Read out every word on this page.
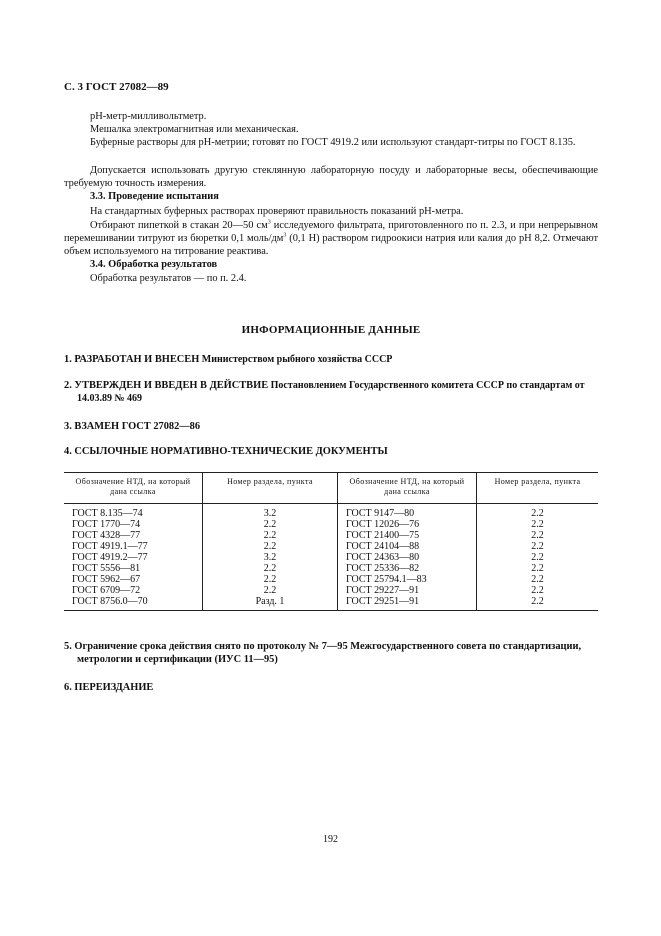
С. 3 ГОСТ 27082—89
рН-метр-милливольтметр.
Мешалка электромагнитная или механическая.
Буферные растворы для рН-метрии; готовят по ГОСТ 4919.2 или используют стандарт-титры по ГОСТ 8.135.
Допускается использовать другую стеклянную лабораторную посуду и лабораторные весы, обеспечивающие требуемую точность измерения.
3.3. Проведение испытания
На стандартных буферных растворах проверяют правильность показаний рН-метра.
Отбирают пипеткой в стакан 20—50 $см^3$ исследуемого фильтрата, приготовленного по п. 2.3, и при непрерывном перемешивании титруют из бюретки 0,1 моль/$дм^3$ (0,1 Н) раствором гидроокиси натрия или калия до рН 8,2. Отмечают объем используемого на титрование реактива.
3.4. Обработка результатов
Обработка результатов — по п. 2.4.
ИНФОРМАЦИОННЫЕ ДАННЫЕ
1. РАЗРАБОТАН И ВНЕСЕН Министерством рыбного хозяйства СССР
2. УТВЕРЖДЕН И ВВЕДЕН В ДЕЙСТВИЕ Постановлением Государственного комитета СССР по стандартам от 14.03.89 № 469
3. ВЗАМЕН ГОСТ 27082—86
4. ССЫЛОЧНЫЕ НОРМАТИВНО-ТЕХНИЧЕСКИЕ ДОКУМЕНТЫ
Обозначение НТД, на который дана ссылка	Номер раздела, пункта	Обозначение НТД, на который дана ссылка	Номер раздела, пункта
ГОСТ 8.135—74	3.2	ГОСТ 9147—80	2.2
ГОСТ 1770—74	2.2	ГОСТ 12026—76	2.2
ГОСТ 4328—77	2.2	ГОСТ 21400—75	2.2
ГОСТ 4919.1—77	2.2	ГОСТ 24104—88	2.2
ГОСТ 4919.2—77	3.2	ГОСТ 24363—80	2.2
ГОСТ 5556—81	2.2	ГОСТ 25336—82	2.2
ГОСТ 5962—67	2.2	ГОСТ 25794.1—83	2.2
ГОСТ 6709—72	2.2	ГОСТ 29227—91	2.2
ГОСТ 8756.0—70	Разд. 1	ГОСТ 29251—91	2.2
5. Ограничение срока действия снято по протоколу № 7—95 Межгосударственного совета по стандартизации, метрологии и сертификации (ИУС 11—95)
6. ПЕРЕИЗДАНИЕ
192
